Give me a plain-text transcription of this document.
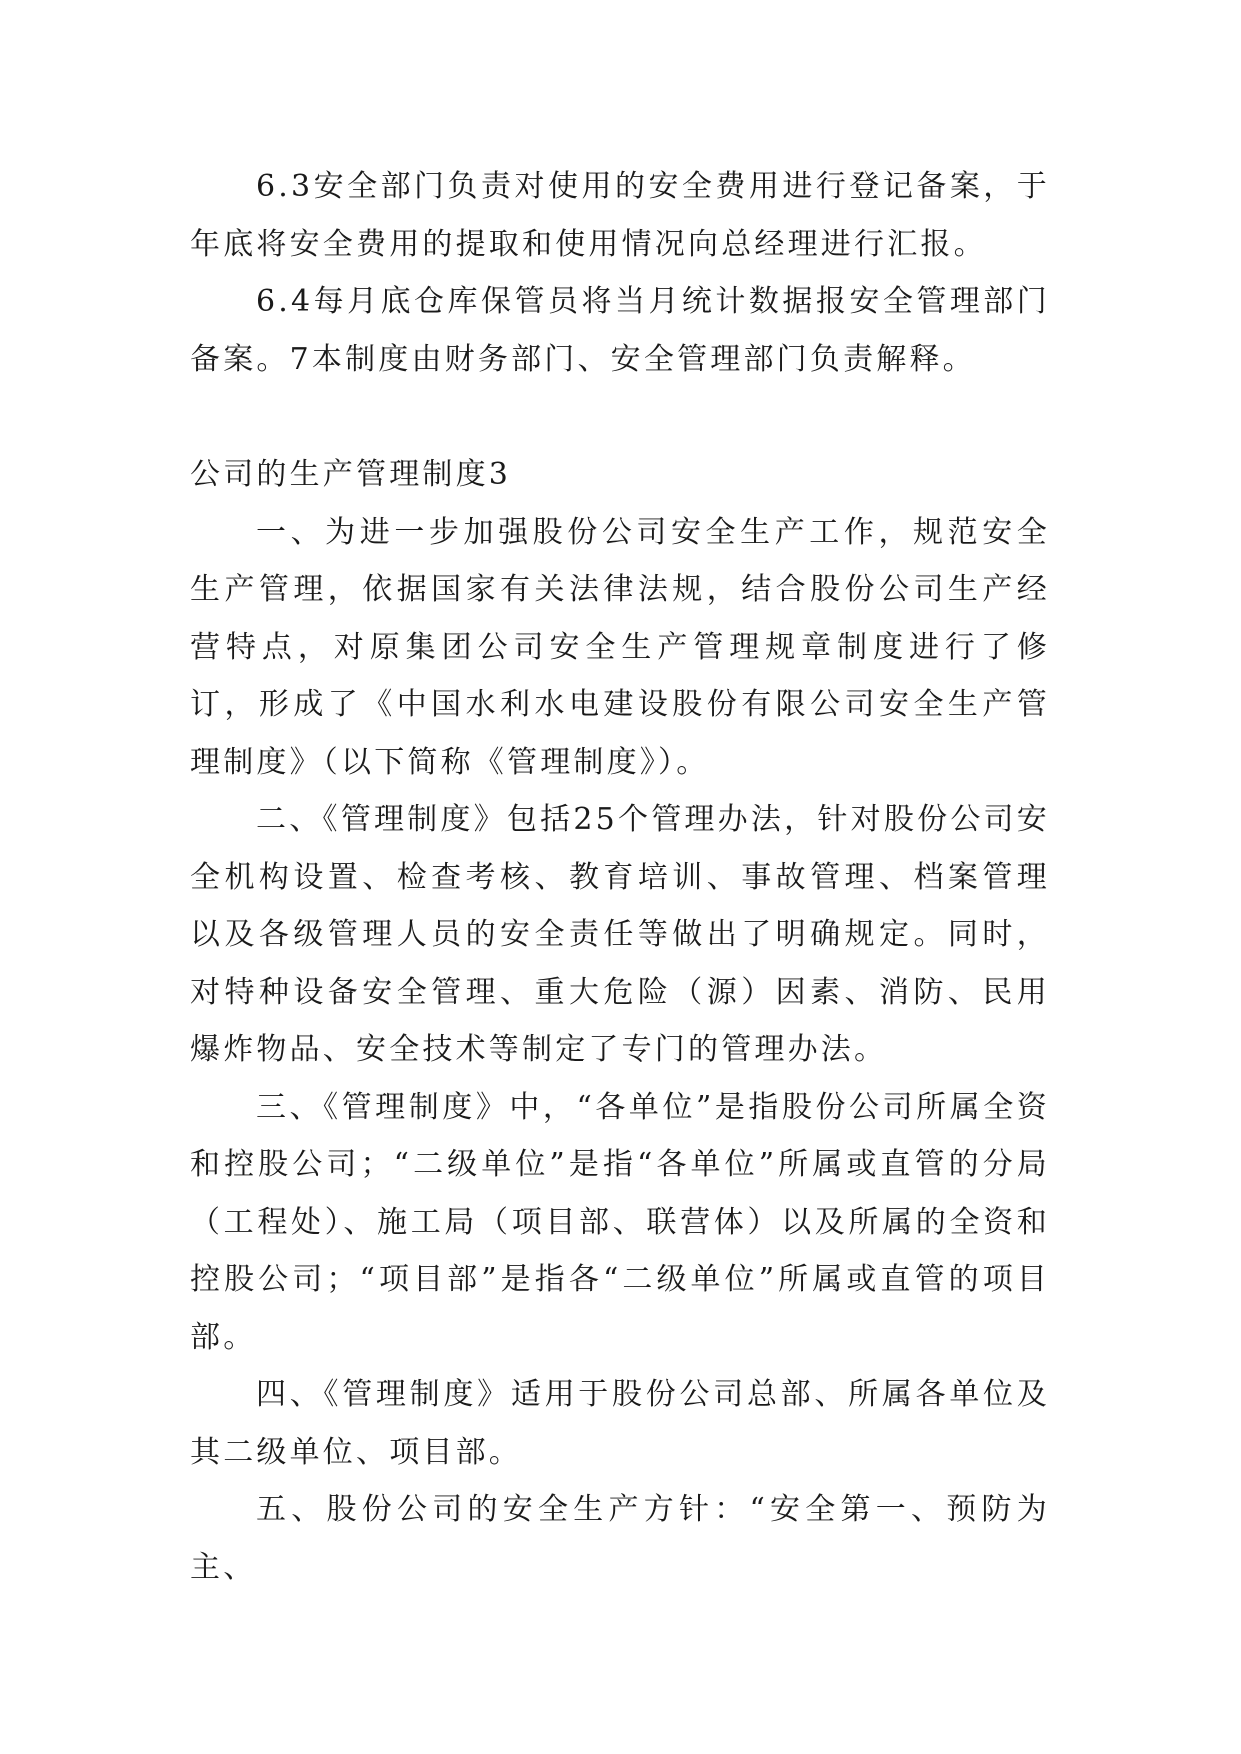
6.3安全部门负责对使用的安全费用进行登记备案，于年底将安全费用的提取和使用情况向总经理进行汇报。

6.4每月底仓库保管员将当月统计数据报安全管理部门备案。7本制度由财务部门、安全管理部门负责解释。

公司的生产管理制度3

一、为进一步加强股份公司安全生产工作，规范安全生产管理，依据国家有关法律法规，结合股份公司生产经营特点，对原集团公司安全生产管理规章制度进行了修订，形成了《中国水利水电建设股份有限公司安全生产管理制度》（以下简称《管理制度》）。

二、《管理制度》包括25个管理办法，针对股份公司安全机构设置、检查考核、教育培训、事故管理、档案管理以及各级管理人员的安全责任等做出了明确规定。同时，对特种设备安全管理、重大危险（源）因素、消防、民用爆炸物品、安全技术等制定了专门的管理办法。

三、《管理制度》中，“各单位”是指股份公司所属全资和控股公司；“二级单位”是指“各单位”所属或直管的分局（工程处）、施工局（项目部、联营体）以及所属的全资和控股公司；“项目部”是指各“二级单位”所属或直管的项目部。

四、《管理制度》适用于股份公司总部、所属各单位及其二级单位、项目部。

五、股份公司的安全生产方针：“安全第一、预防为主、
